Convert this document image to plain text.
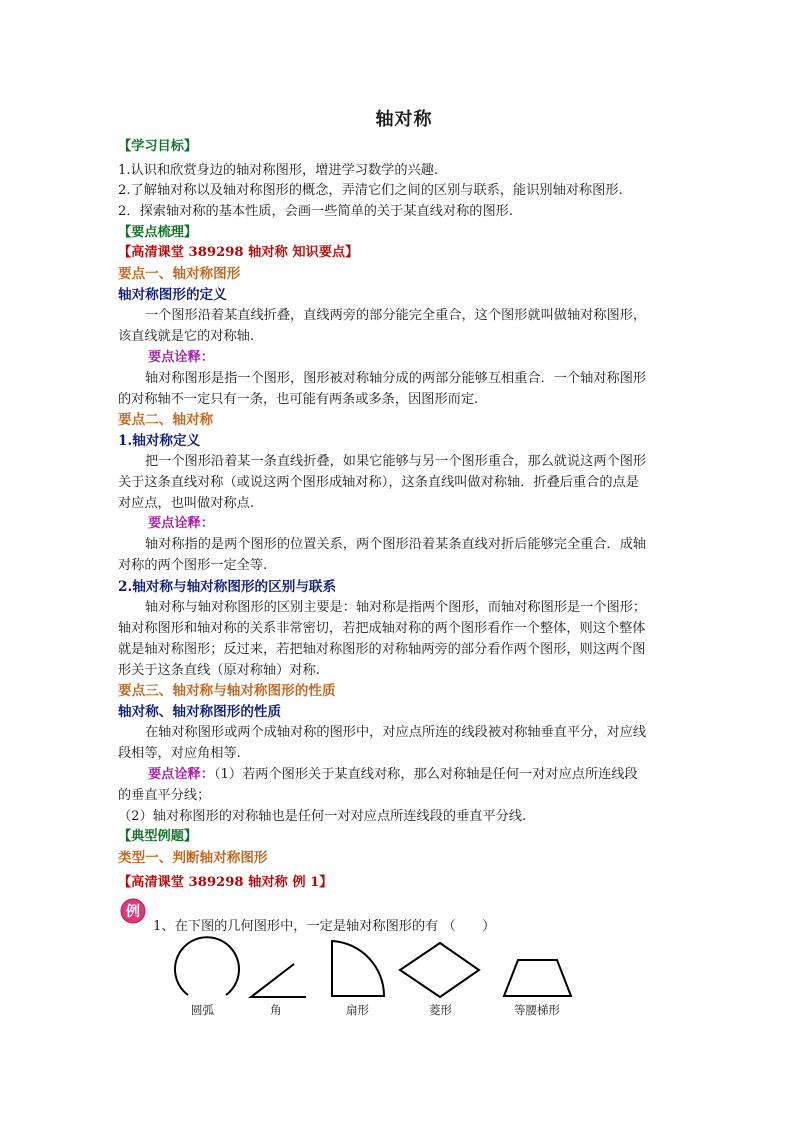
轴对称
【学习目标】
1.认识和欣赏身边的轴对称图形，增进学习数学的兴趣.
2.了解轴对称以及轴对称图形的概念，弄清它们之间的区别与联系，能识别轴对称图形.
2．探索轴对称的基本性质，会画一些简单的关于某直线对称的图形.
【要点梳理】
【高清课堂 389298 轴对称 知识要点】
要点一、轴对称图形
轴对称图形的定义
一个图形沿着某直线折叠，直线两旁的部分能完全重合，这个图形就叫做轴对称图形，
该直线就是它的对称轴.
要点诠释：
轴对称图形是指一个图形，图形被对称轴分成的两部分能够互相重合．一个轴对称图形
的对称轴不一定只有一条，也可能有两条或多条，因图形而定.
要点二、轴对称
1.轴对称定义
把一个图形沿着某一条直线折叠，如果它能够与另一个图形重合，那么就说这两个图形
关于这条直线对称（或说这两个图形成轴对称），这条直线叫做对称轴．折叠后重合的点是
对应点，也叫做对称点.
要点诠释：
轴对称指的是两个图形的位置关系，两个图形沿着某条直线对折后能够完全重合．成轴
对称的两个图形一定全等.
2.轴对称与轴对称图形的区别与联系
轴对称与轴对称图形的区别主要是：轴对称是指两个图形，而轴对称图形是一个图形；
轴对称图形和轴对称的关系非常密切，若把成轴对称的两个图形看作一个整体，则这个整体
就是轴对称图形；反过来，若把轴对称图形的对称轴两旁的部分看作两个图形，则这两个图
形关于这条直线（原对称轴）对称.
要点三、轴对称与轴对称图形的性质
轴对称、轴对称图形的性质
在轴对称图形或两个成轴对称的图形中，对应点所连的线段被对称轴垂直平分，对应线
段相等，对应角相等.
要点诠释：（1）若两个图形关于某直线对称，那么对称轴是任何一对对应点所连线段
的垂直平分线；
（2）轴对称图形的对称轴也是任何一对对应点所连线段的垂直平分线.
【典型例题】
类型一、判断轴对称图形
【高清课堂 389298 轴对称 例 1】
例
1、在下图的几何图形中，一定是轴对称图形的有 （　　）
圆弧	角	扇形	菱形	等腰梯形
